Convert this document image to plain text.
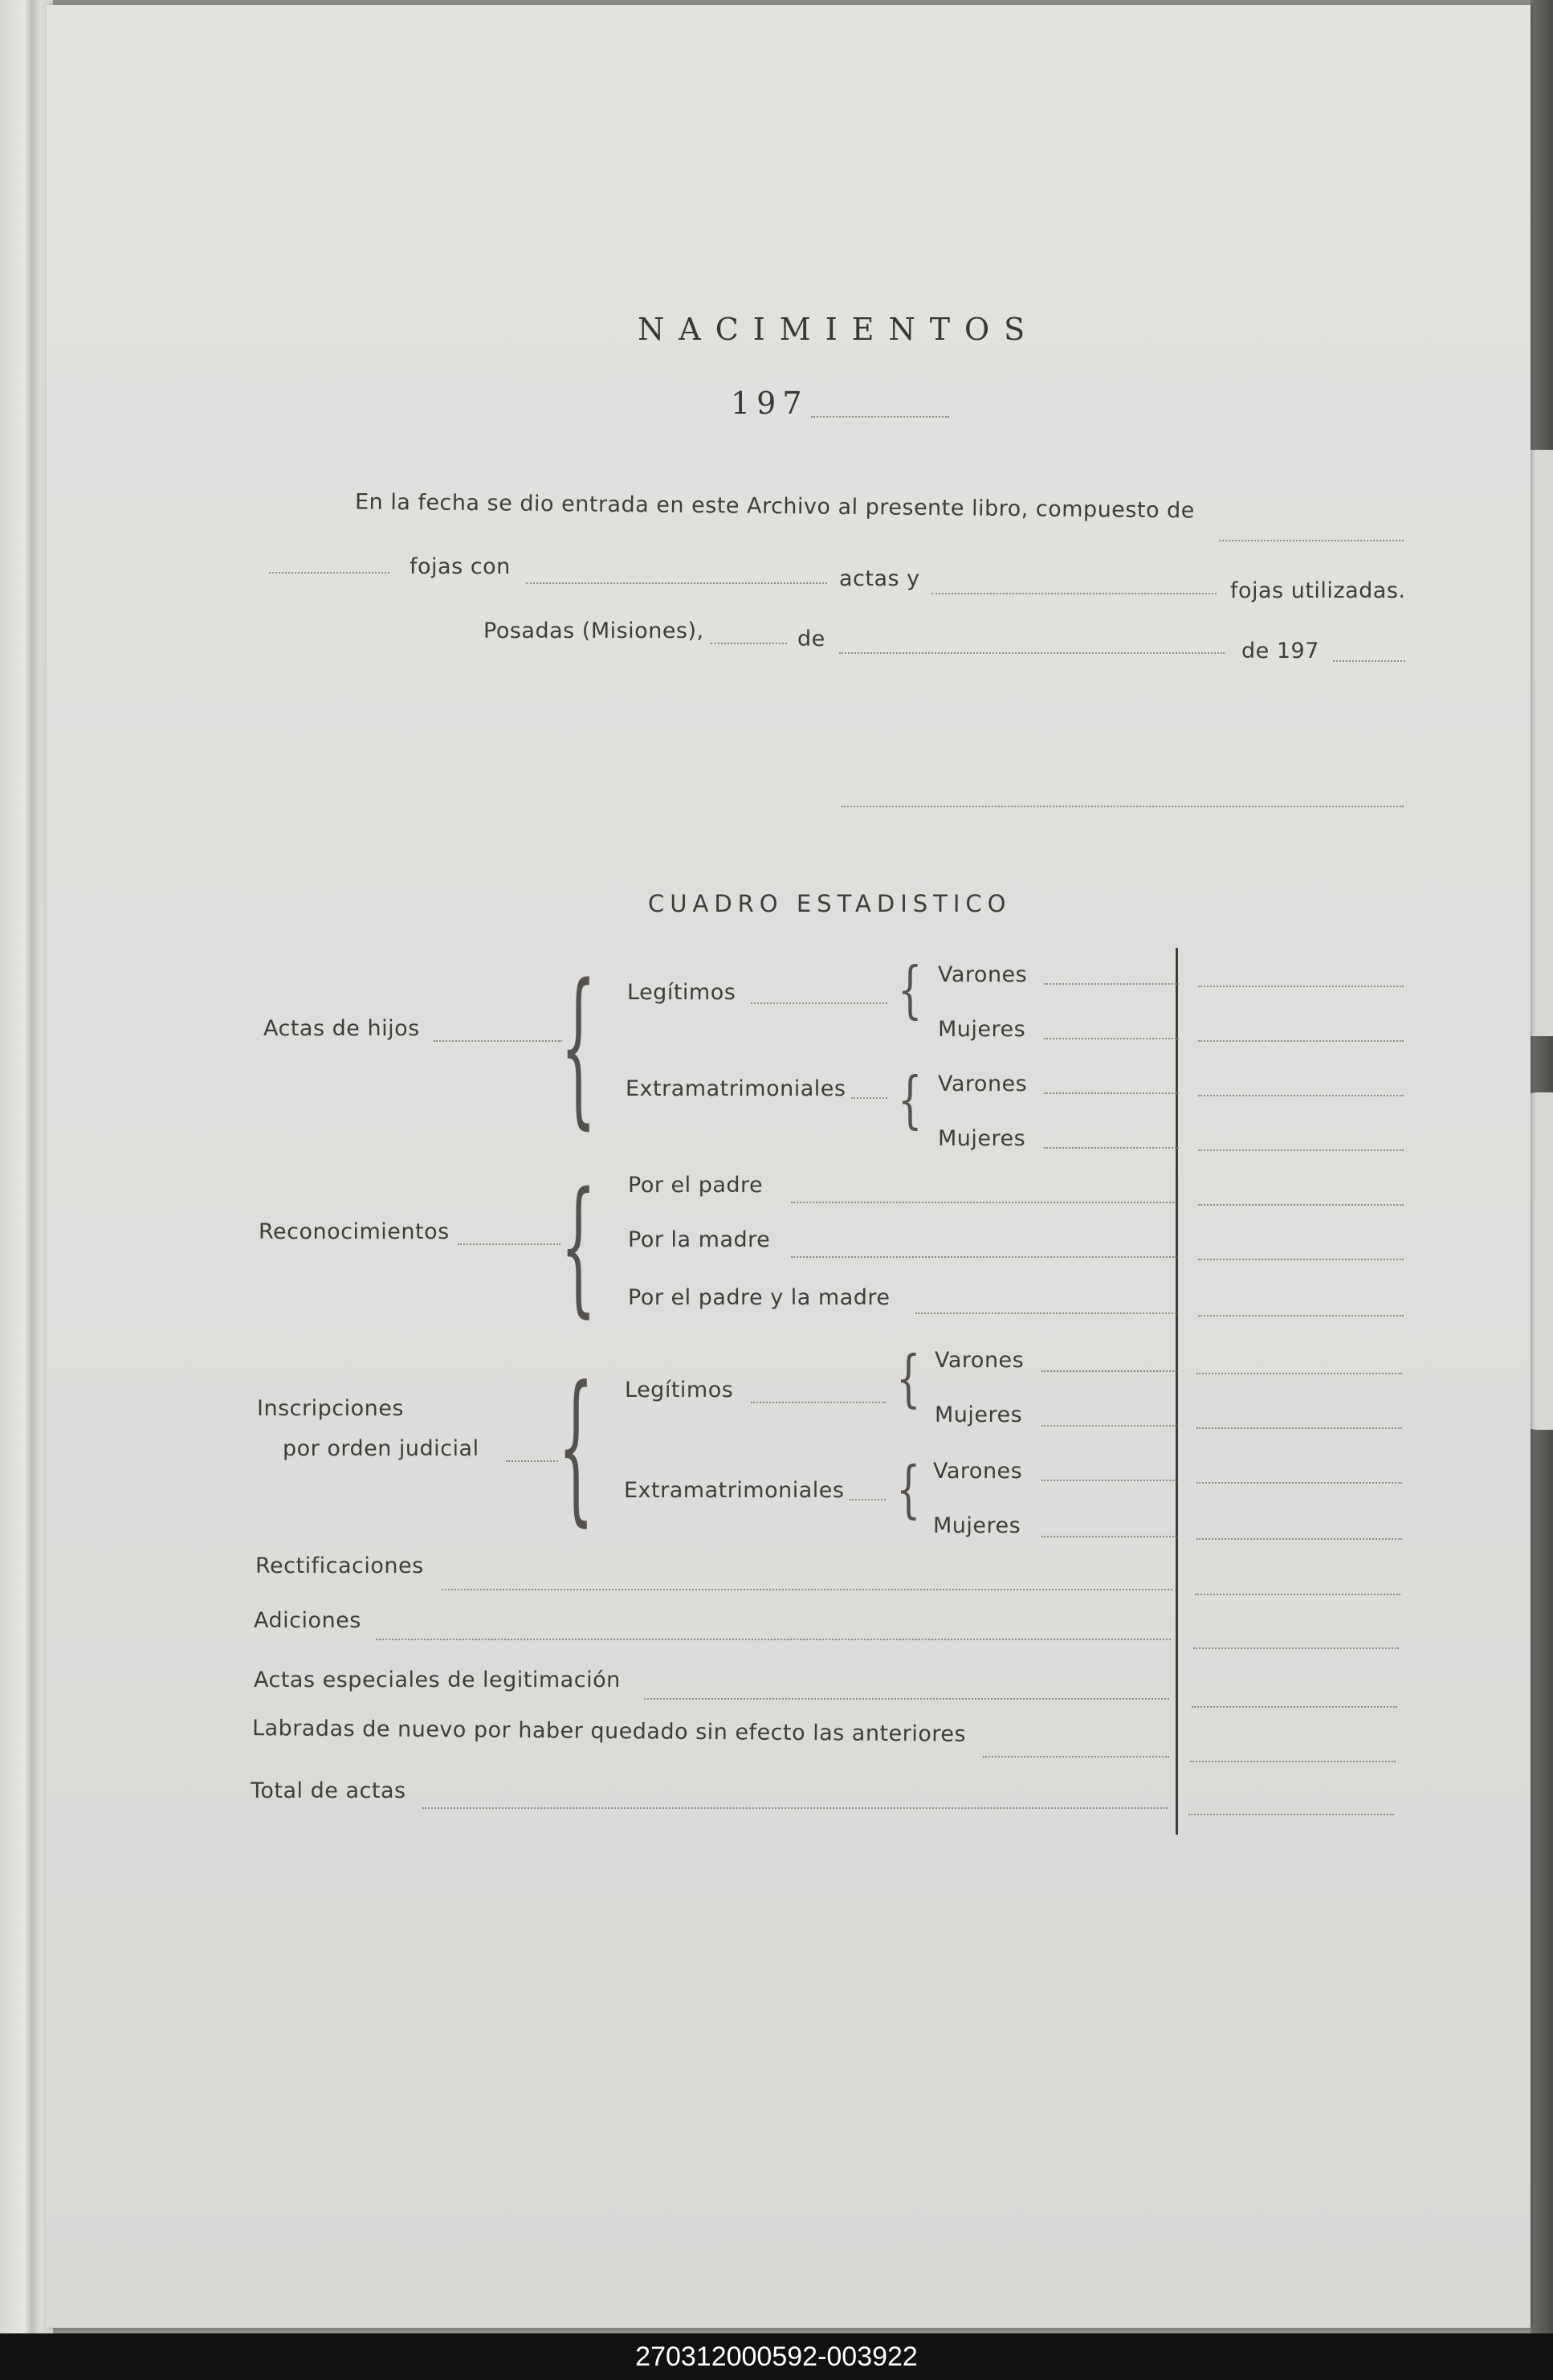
NACIMIENTOS
197
En la fecha se dio entrada en este Archivo al presente libro, compuesto de
fojas con	actas y	fojas utilizadas.
Posadas (Misiones),	de	de 197
CUADRO ESTADISTICO
Actas de hijos	{ Legítimos	{ Varones
Mujeres
Extramatrimoniales { Varones
Mujeres
Reconocimientos { Por el padre
Por la madre
Por el padre y la madre
Inscripciones
por orden judicial { Legítimos	{ Varones
Mujeres
Extramatrimoniales { Varones
Mujeres
Rectificaciones
Adiciones
Actas especiales de legitimación
Labradas de nuevo por haber quedado sin efecto las anteriores
Total de actas
270312000592-003922
